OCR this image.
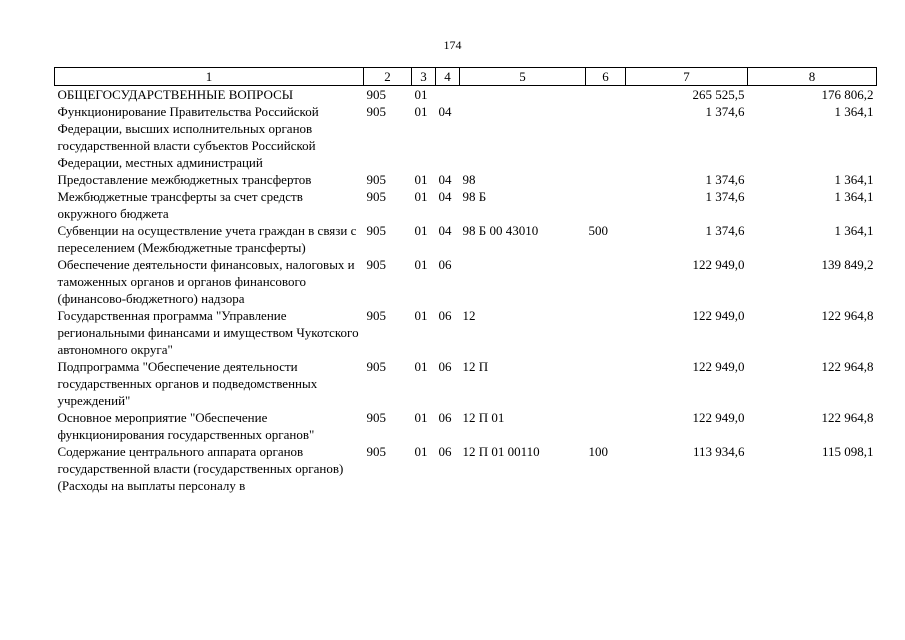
174
1	2	3	4	5	6	7	8
ОБЩЕГОСУДАРСТВЕННЫЕ ВОПРОСЫ	905	01				265 525,5	176 806,2
Функционирование Правительства Российской Федерации, высших исполнительных органов государственной власти субъектов Российской Федерации, местных администраций	905	01	04			1 374,6	1 364,1
Предоставление межбюджетных трансфертов	905	01	04	98		1 374,6	1 364,1
Межбюджетные трансферты за счет средств окружного бюджета	905	01	04	98 Б		1 374,6	1 364,1
Субвенции на осуществление учета граждан в связи с переселением (Межбюджетные трансферты)	905	01	04	98 Б 00 43010	500	1 374,6	1 364,1
Обеспечение деятельности финансовых, налоговых и таможенных органов и органов финансового (финансово-бюджетного) надзора	905	01	06			122 949,0	139 849,2
Государственная программа "Управление региональными финансами и имуществом Чукотского автономного округа"	905	01	06	12		122 949,0	122 964,8
Подпрограмма "Обеспечение деятельности государственных органов и подведомственных учреждений"	905	01	06	12 П		122 949,0	122 964,8
Основное мероприятие "Обеспечение функционирования государственных органов"	905	01	06	12 П 01		122 949,0	122 964,8
Содержание центрального аппарата органов государственной власти (государственных органов) (Расходы на выплаты персоналу в	905	01	06	12 П 01 00110	100	113 934,6	115 098,1
